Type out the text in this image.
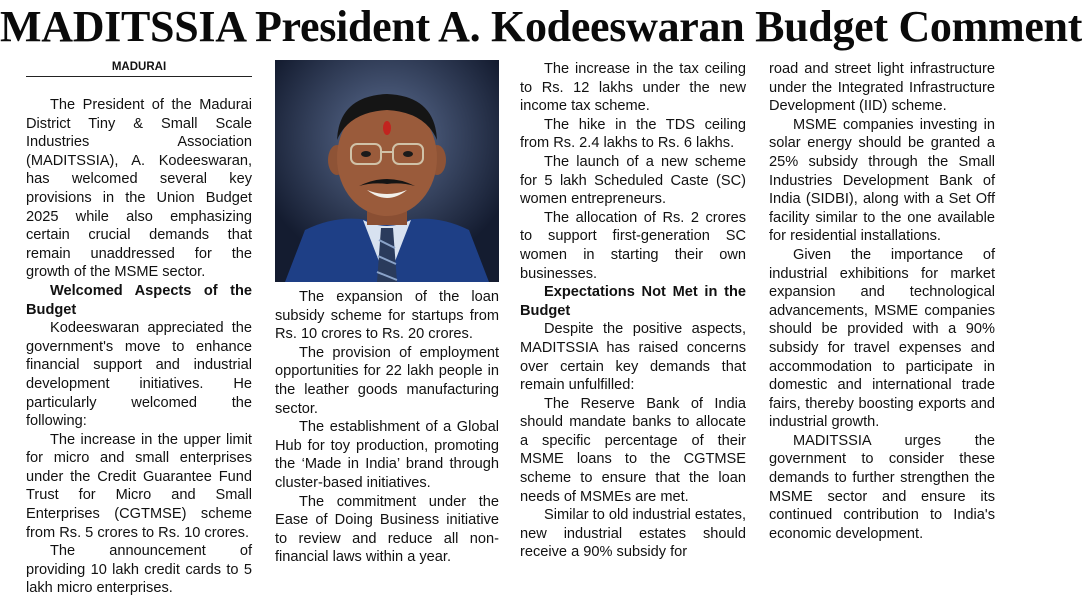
MADITSSIA President A. Kodeeswaran Budget Comment
MADURAI

The President of the Madurai District Tiny & Small Scale Industries Association (MADITSSIA), A. Kodeeswaran, has welcomed several key provisions in the Union Budget 2025 while also emphasizing certain crucial demands that remain unaddressed for the growth of the MSME sector.

Welcomed Aspects of the Budget

Kodeeswaran appreciated the government's move to enhance financial support and industrial development initiatives. He particularly welcomed the following:

The increase in the upper limit for micro and small enterprises under the Credit Guarantee Fund Trust for Micro and Small Enterprises (CGTMSE) scheme from Rs. 5 crores to Rs. 10 crores.

The announcement of providing 10 lakh credit cards to 5 lakh micro enterprises.

The expansion of the loan subsidy scheme for startups from Rs. 10 crores to Rs. 20 crores.

The provision of employment opportunities for 22 lakh people in the leather goods manufacturing sector.

The establishment of a Global Hub for toy production, promoting the ‘Made in India’ brand through cluster-based initiatives.

The commitment under the Ease of Doing Business initiative to review and reduce all non-financial laws within a year.

The increase in the tax ceiling to Rs. 12 lakhs under the new income tax scheme.

The hike in the TDS ceiling from Rs. 2.4 lakhs to Rs. 6 lakhs.

The launch of a new scheme for 5 lakh Scheduled Caste (SC) women entrepreneurs.

The allocation of Rs. 2 crores to support first-generation SC women in starting their own businesses.

Expectations Not Met in the Budget

Despite the positive aspects, MADITSSIA has raised concerns over certain key demands that remain unfulfilled:

The Reserve Bank of India should mandate banks to allocate a specific percentage of their MSME loans to the CGTMSE scheme to ensure that the loan needs of MSMEs are met.

Similar to old industrial estates, new industrial estates should receive a 90% subsidy for

road and street light infrastructure under the Integrated Infrastructure Development (IID) scheme.

MSME companies investing in solar energy should be granted a 25% subsidy through the Small Industries Development Bank of India (SIDBI), along with a Set Off facility similar to the one available for residential installations.

Given the importance of industrial exhibitions for market expansion and technological advancements, MSME companies should be provided with a 90% subsidy for travel expenses and accommodation to participate in domestic and international trade fairs, thereby boosting exports and industrial growth.

MADITSSIA urges the government to consider these demands to further strengthen the MSME sector and ensure its continued contribution to India's economic development.
